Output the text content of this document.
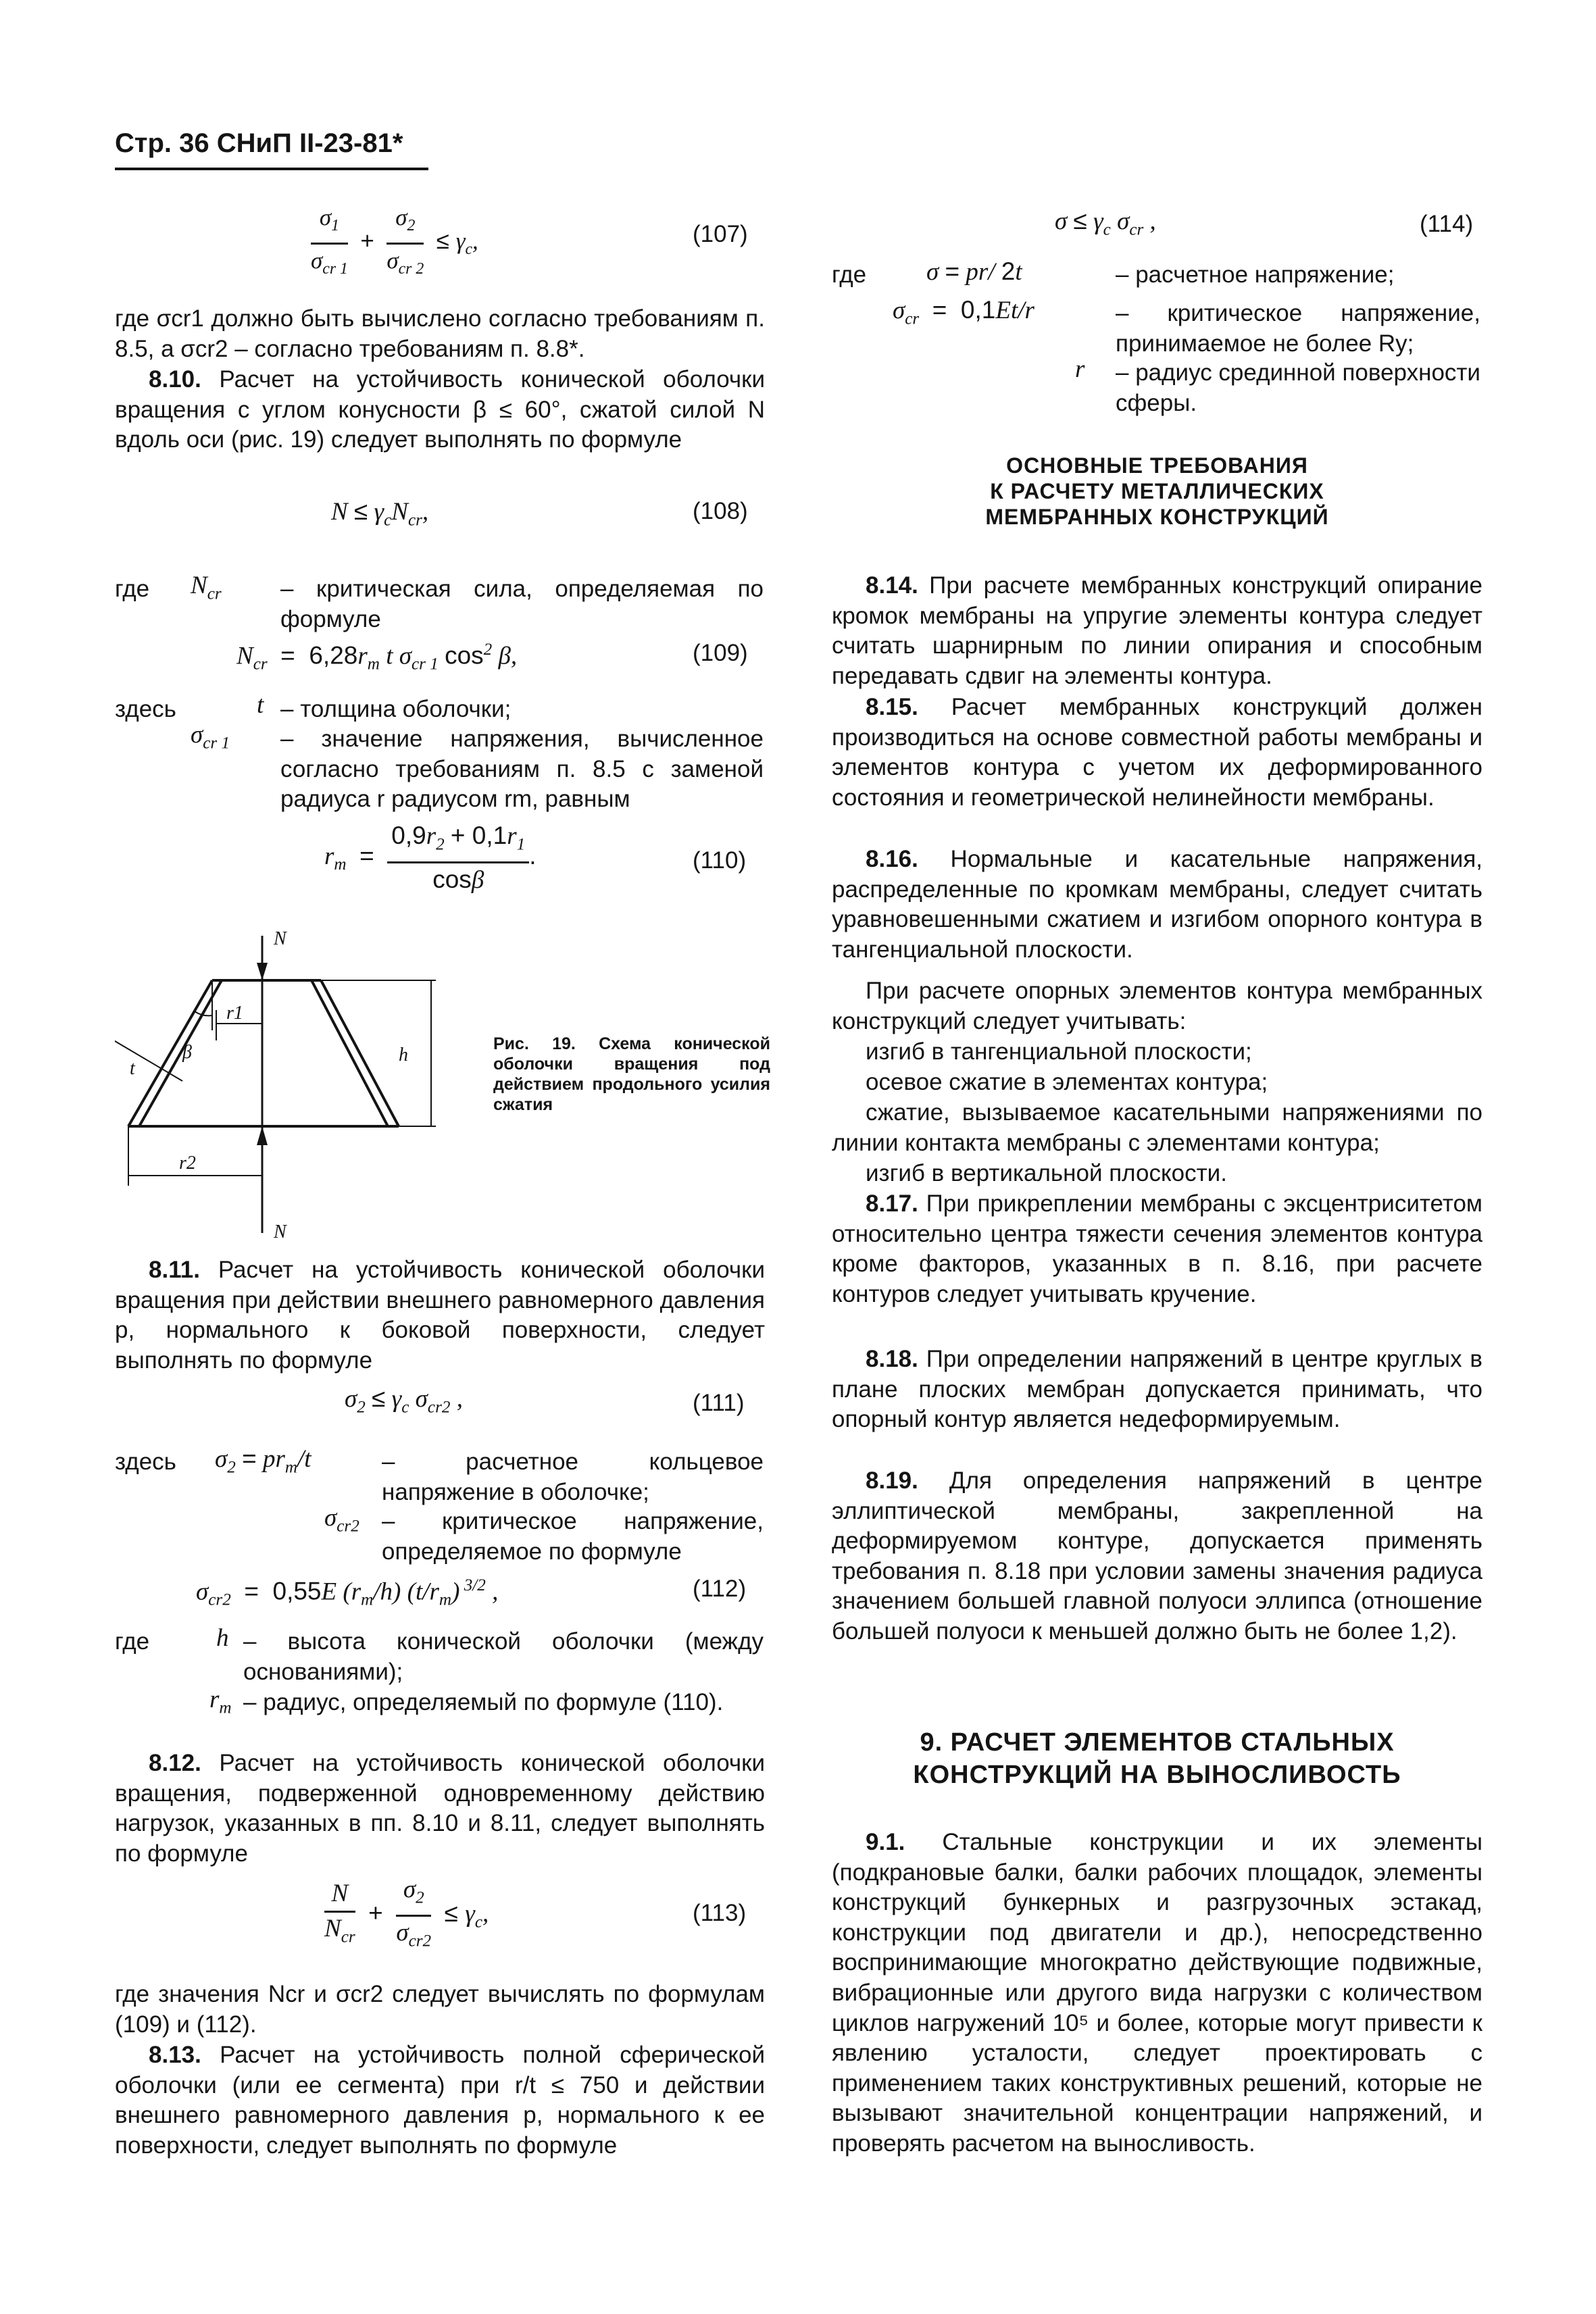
Стр. 36 СНиП II-23-81*
$\frac{\sigma_1}{\sigma_{cr 1}} + \frac{\sigma_2}{\sigma_{cr 2}} \le \gamma_c$,	(107)
где σcr1 должно быть вычислено согласно требованиям п. 8.5, а σcr2 – согласно требованиям п. 8.8*.
8.10. Расчет на устойчивость конической оболочки вращения с углом конусности β ≤ 60°, сжатой силой N вдоль оси (рис. 19) следует выполнять по формуле
$N \le \gamma_cN_{cr}$,	(108)
где $N_{cr}$ – критическая сила, определяемая по формуле
$N_{cr} = 6,28r_m$ t $\sigma_{cr 1}$ $\cos^2 \beta$,	(109)
здесь	t – толщина оболочки;
$\sigma_{cr 1}$ – значение напряжения, вычисленное согласно требованиям п. 8.5 с заменой радиуса r радиусом rm, равным
$r_m = \frac{0,9r_2 + 0,1r_1}{\cos\beta}$ .	(110)
N
N
r1
r2
h
t
β	Рис. 19. Схема конической оболочки вращения под действием продольного усилия сжатия
8.11. Расчет на устойчивость конической оболочки вращения при действии внешнего равномерного давления p, нормального к боковой поверхности, следует выполнять по формуле
$\sigma_2 \le \gamma_c$ $\sigma_{cr2}$ ,	(111)
здесь $\sigma_2 = pr_m/t$	– расчетное кольцевое напряжение в оболочке;
$\sigma_{cr2}$ – критическое напряжение, определяемое по формуле
$\sigma_{cr2} = 0,55E$ $(r_m/h)$ $(t/r_m)$ $^{3/2}$ ,	(112)
где	h – высота конической оболочки (между основаниями);
$r_m$ – радиус, определяемый по формуле (110).
8.12. Расчет на устойчивость конической оболочки вращения, подверженной одновременному действию нагрузок, указанных в пп. 8.10 и 8.11, следует выполнять по формуле
$\frac{N}{N_{cr}} + \frac{\sigma_2}{\sigma_{cr2}} \le \gamma_c$,	(113)
где значения Ncr и σcr2 следует вычислять по формулам (109) и (112).
8.13. Расчет на устойчивость полной сферической оболочки (или ее сегмента) при r/t ≤ 750 и действии внешнего равномерного давления p, нормального к ее поверхности, следует выполнять по формуле
$\sigma \le \gamma_c$ $\sigma_{cr}$ ,	(114)
где σ = pr/ 2t	– расчетное напряжение;
$\sigma_{cr} = 0,1Et/r$	– критическое напряжение, принимаемое не более Ry;
r – радиус срединной поверхности сферы.
ОСНОВНЫЕ ТРЕБОВАНИЯ
К РАСЧЕТУ МЕТАЛЛИЧЕСКИХ
МЕМБРАННЫХ КОНСТРУКЦИЙ
8.14. При расчете мембранных конструкций опирание кромок мембраны на упругие элементы контура следует считать шарнирным по линии опирания и способным передавать сдвиг на элементы контура.
8.15. Расчет мембранных конструкций должен производиться на основе совместной работы мембраны и элементов контура с учетом их деформированного состояния и геометрической нелинейности мембраны.
8.16. Нормальные и касательные напряжения, распределенные по кромкам мембраны, следует считать уравновешенными сжатием и изгибом опорного контура в тангенциальной плоскости.
При расчете опорных элементов контура мембранных конструкций следует учитывать:
изгиб в тангенциальной плоскости;
осевое сжатие в элементах контура;
сжатие, вызываемое касательными напряжениями по линии контакта мембраны с элементами контура;
изгиб в вертикальной плоскости.
8.17. При прикреплении мембраны с эксцентриситетом относительно центра тяжести сечения элементов контура кроме факторов, указанных в п. 8.16, при расчете контуров следует учитывать кручение.
8.18. При определении напряжений в центре круглых в плане плоских мембран допускается принимать, что опорный контур является недеформируемым.
8.19. Для определения напряжений в центре эллиптической мембраны, закрепленной на деформируемом контуре, допускается применять требования п. 8.18 при условии замены значения радиуса значением большей главной полуоси эллипса (отношение большей полуоси к меньшей должно быть не более 1,2).
9. РАСЧЕТ ЭЛЕМЕНТОВ СТАЛЬНЫХ
КОНСТРУКЦИЙ НА ВЫНОСЛИВОСТЬ
9.1. Стальные конструкции и их элементы (подкрановые балки, балки рабочих площадок, элементы конструкций бункерных и разгрузочных эстакад, конструкции под двигатели и др.), непосредственно воспринимающие многократно действующие подвижные, вибрационные или другого вида нагрузки с количеством циклов нагружений 10⁵ и более, которые могут привести к явлению усталости, следует проектировать с применением таких конструктивных решений, которые не вызывают значительной концентрации напряжений, и проверять расчетом на выносливость.
